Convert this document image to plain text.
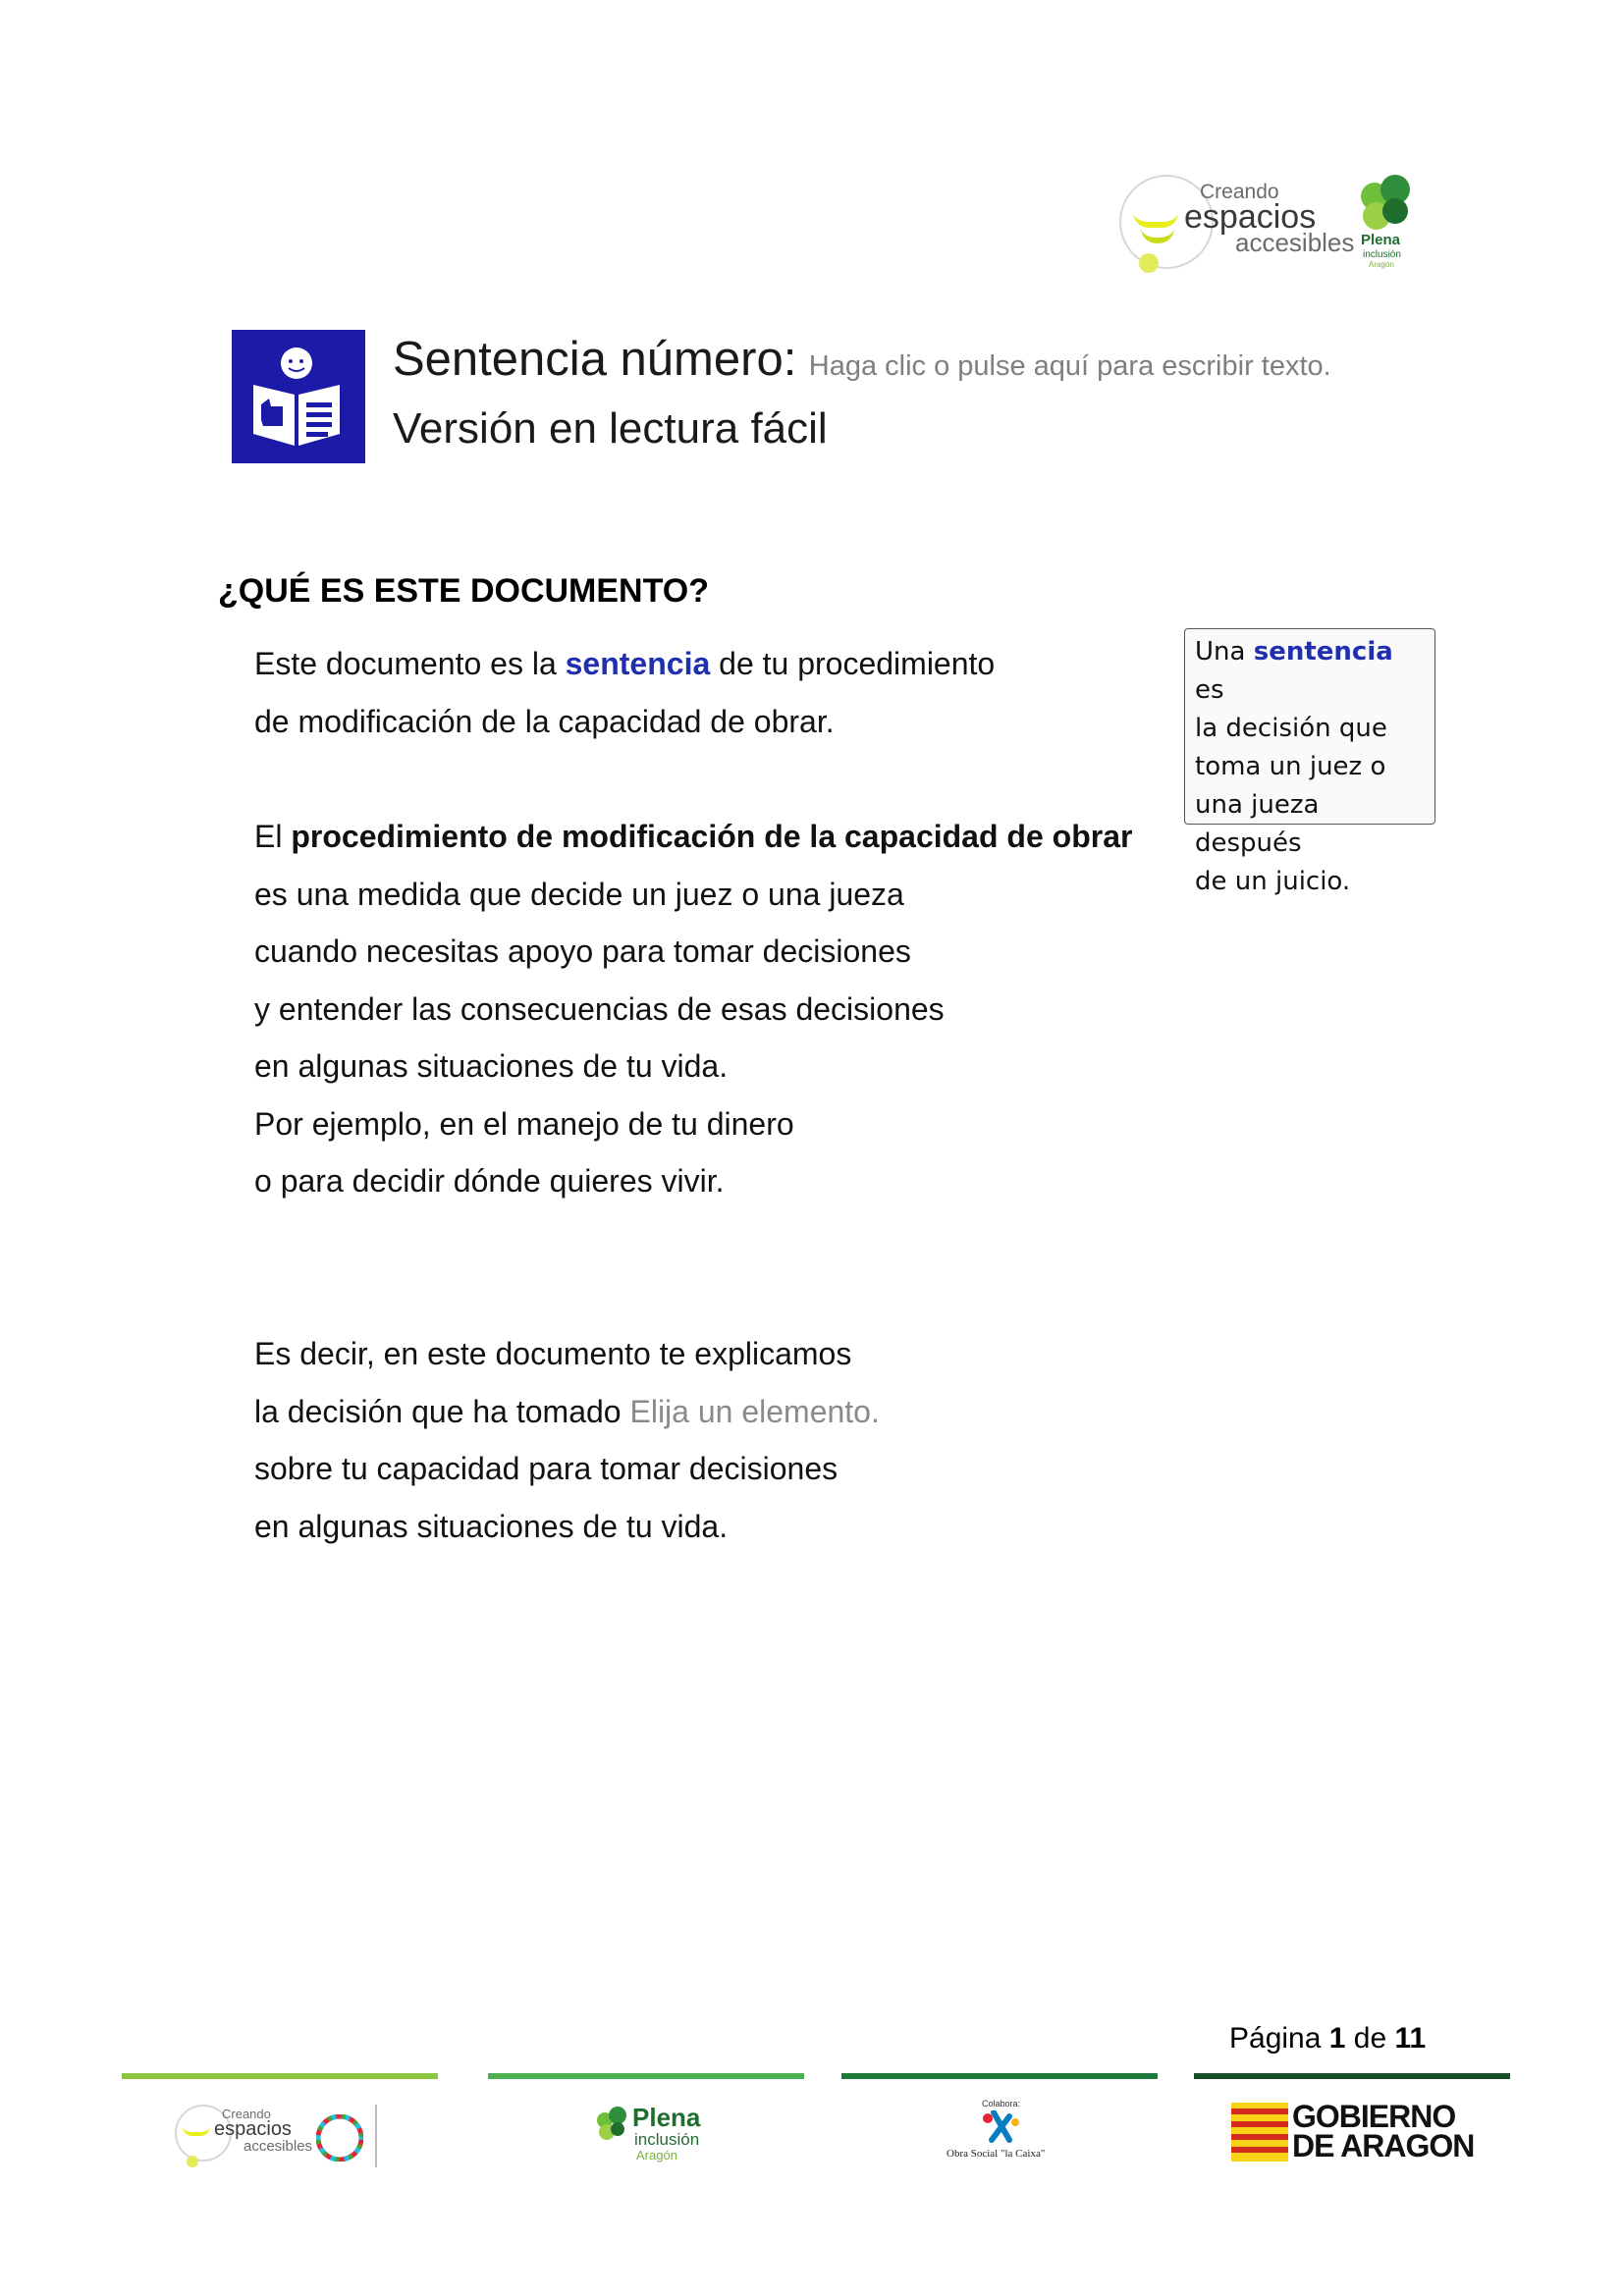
Creando
espacios
accesibles Plena
inclusión
Aragón
Sentencia número: Haga clic o pulse aquí para escribir texto.
Versión en lectura fácil
¿QUÉ ES ESTE DOCUMENTO?
Este documento es la sentencia de tu procedimiento
de modificación de la capacidad de obrar.
El procedimiento de modificación de la capacidad de obrar
es una medida que decide un juez o una jueza
cuando necesitas apoyo para tomar decisiones
y entender las consecuencias de esas decisiones
en algunas situaciones de tu vida.
Por ejemplo, en el manejo de tu dinero
o para decidir dónde quieres vivir.
Es decir, en este documento te explicamos
la decisión que ha tomado Elija un elemento.
sobre tu capacidad para tomar decisiones
en algunas situaciones de tu vida.
Una sentencia es
la decisión que
toma un juez o
una jueza después
de un juicio.
Página 1 de 11
Creando
espacios
accesibles
Plena
inclusión
Aragón
Colabora:
Obra Social "la Caixa"
GOBIERNO
DE ARAGON
